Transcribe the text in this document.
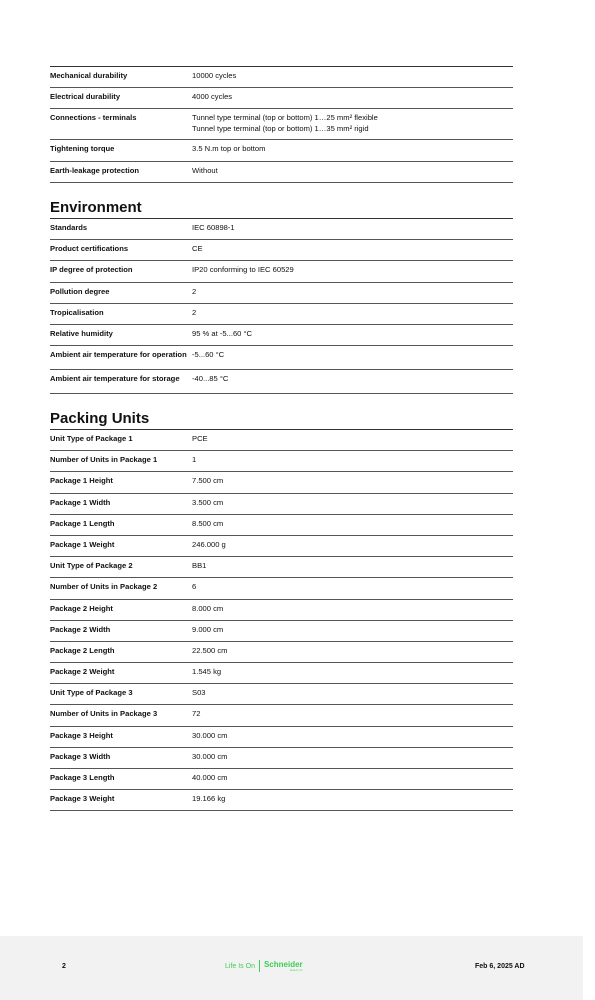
Mechanical durability	10000 cycles
Electrical durability	4000 cycles
Connections - terminals	Tunnel type terminal (top or bottom) 1…25 mm² flexible
Tunnel type terminal (top or bottom) 1…35 mm² rigid
Tightening torque	3.5 N.m top or bottom
Earth-leakage protection	Without
Environment
Standards	IEC 60898-1
Product certifications	CE
IP degree of protection	IP20 conforming to IEC 60529
Pollution degree	2
Tropicalisation	2
Relative humidity	95 % at -5...60 °C
Ambient air temperature for operation -5...60 °C
Ambient air temperature for storage	-40...85 °C
Packing Units
Unit Type of Package 1	PCE
Number of Units in Package 1	1
Package 1 Height	7.500 cm
Package 1 Width	3.500 cm
Package 1 Length	8.500 cm
Package 1 Weight	246.000 g
Unit Type of Package 2	BB1
Number of Units in Package 2	6
Package 2 Height	8.000 cm
Package 2 Width	9.000 cm
Package 2 Length	22.500 cm
Package 2 Weight	1.545 kg
Unit Type of Package 3	S03
Number of Units in Package 3	72
Package 3 Height	30.000 cm
Package 3 Width	30.000 cm
Package 3 Length	40.000 cm
Package 3 Weight	19.166 kg
2	Life Is On Schneider
Electric	Feb 6, 2025 AD
